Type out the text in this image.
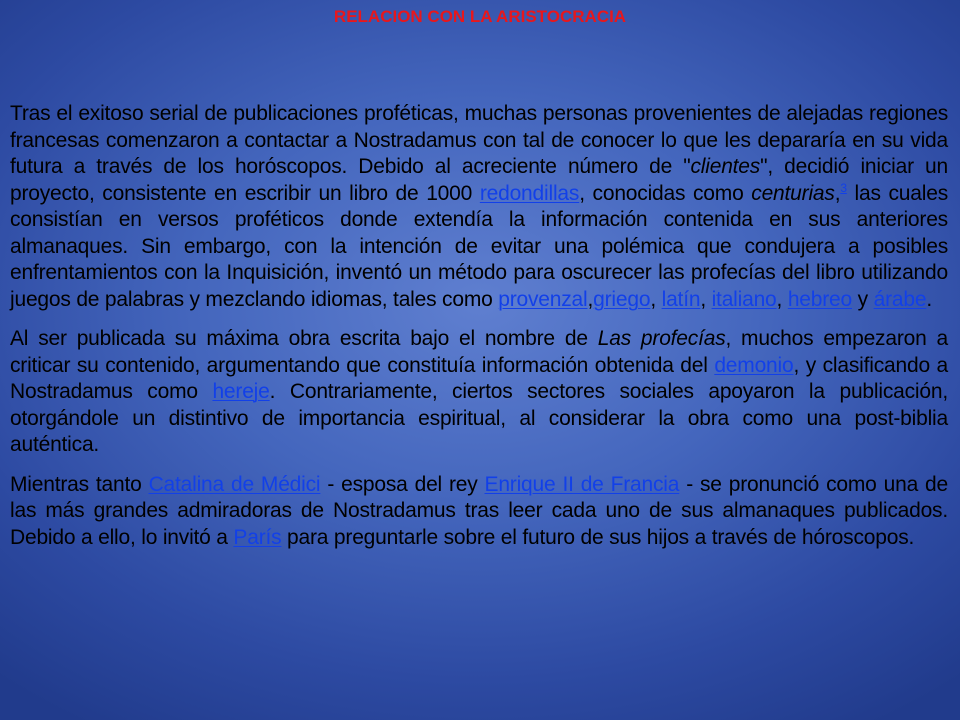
RELACION CON LA ARISTOCRACIA

Tras el exitoso serial de publicaciones proféticas, muchas personas provenientes de alejadas regiones francesas comenzaron a contactar a Nostradamus con tal de conocer lo que les depararía en su vida futura a través de los horóscopos. Debido al acreciente número de "clientes", decidió iniciar un proyecto, consistente en escribir un libro de 1000 redondillas, conocidas como centurias,$^3$ las cuales consistían en versos proféticos donde extendía la información contenida en sus anteriores almanaques. Sin embargo, con la intención de evitar una polémica que condujera a posibles enfrentamientos con la Inquisición, inventó un método para oscurecer las profecías del libro utilizando juegos de palabras y mezclando idiomas, tales como provenzal,griego, latín, italiano, hebreo y árabe.

Al ser publicada su máxima obra escrita bajo el nombre de Las profecías, muchos empezaron a criticar su contenido, argumentando que constituía información obtenida del demonio, y clasificando a Nostradamus como hereje. Contrariamente, ciertos sectores sociales apoyaron la publicación, otorgándole un distintivo de importancia espiritual, al considerar la obra como una post-biblia auténtica.

Mientras tanto Catalina de Médici - esposa del rey Enrique II de Francia - se pronunció como una de las más grandes admiradoras de Nostradamus tras leer cada uno de sus almanaques publicados. Debido a ello, lo invitó a París para preguntarle sobre el futuro de sus hijos a través de hóroscopos.
